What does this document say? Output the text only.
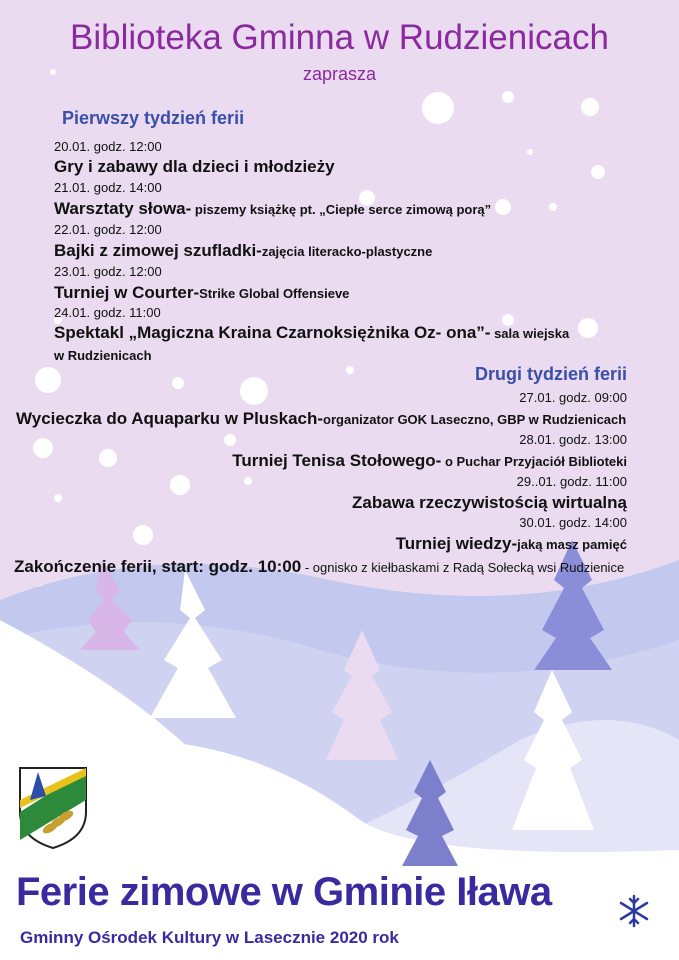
Biblioteka Gminna w Rudzienicach
zaprasza
Pierwszy tydzień ferii
20.01. godz. 12:00
Gry i zabawy dla dzieci i młodzieży
21.01. godz. 14:00
Warsztaty słowa- piszemy książkę pt. „Ciepłe serce zimową porą”
22.01. godz. 12:00
Bajki z zimowej szufladki-zajęcia literacko-plastyczne
23.01. godz. 12:00
Turniej w Courter-Strike Global Offensieve
24.01. godz. 11:00
Spektakl „Magiczna Kraina Czarnoksiężnika Oz- ona”- sala wiejska
w Rudzienicach
Drugi tydzień ferii
27.01. godz. 09:00
Wycieczka do Aquaparku w Pluskach-organizator GOK Laseczno, GBP w Rudzienicach
28.01. godz. 13:00
Turniej Tenisa Stołowego- o Puchar Przyjaciół Biblioteki
29..01. godz. 11:00
Zabawa rzeczywistością wirtualną
30.01. godz. 14:00
Turniej wiedzy-jaką masz pamięć
Zakończenie ferii, start: godz. 10:00 - ognisko z kiełbaskami z Radą Sołecką wsi Rudzienice
Ferie zimowe w Gminie Iława
Gminny Ośrodek Kultury w Lasecznie 2020 rok
